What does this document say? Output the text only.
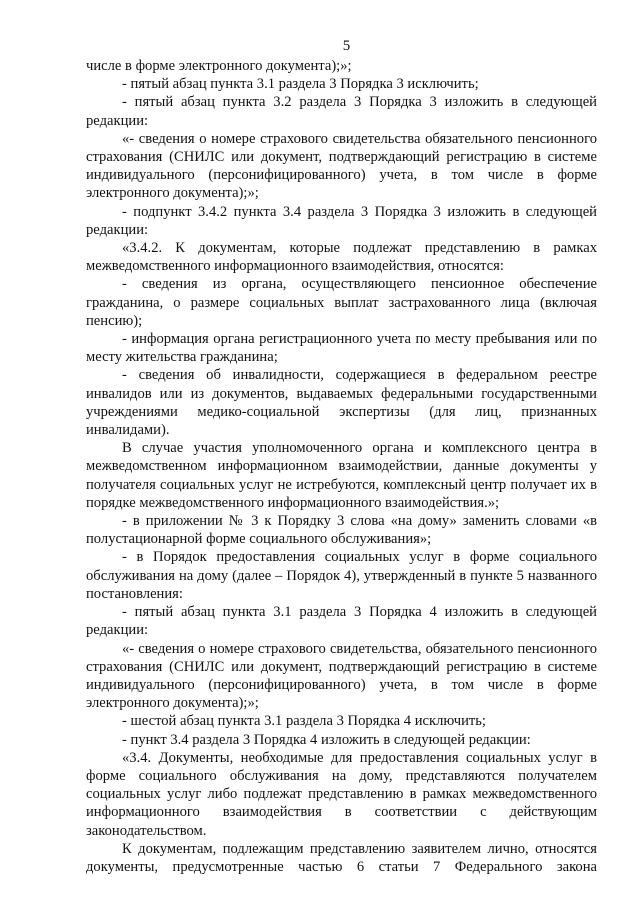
5

числе в форме электронного документа);»;

- пятый абзац пункта 3.1 раздела 3 Порядка 3 исключить;

- пятый абзац пункта 3.2 раздела 3 Порядка 3 изложить в следующей редакции:

«- сведения о номере страхового свидетельства обязательного пенсионного страхования (СНИЛС или документ, подтверждающий регистрацию в системе индивидуального (персонифицированного) учета, в том числе в форме электронного документа);»;

- подпункт 3.4.2 пункта 3.4 раздела 3 Порядка 3 изложить в следующей редакции:

«3.4.2. К документам, которые подлежат представлению в рамках межведомственного информационного взаимодействия, относятся:

- сведения из органа, осуществляющего пенсионное обеспечение гражданина, о размере социальных выплат застрахованного лица (включая пенсию);

- информация органа регистрационного учета по месту пребывания или по месту жительства гражданина;

- сведения об инвалидности, содержащиеся в федеральном реестре инвалидов или из документов, выдаваемых федеральными государственными учреждениями медико-социальной экспертизы (для лиц, признанных инвалидами).

В случае участия уполномоченного органа и комплексного центра в межведомственном информационном взаимодействии, данные документы у получателя социальных услуг не истребуются, комплексный центр получает их в порядке межведомственного информационного взаимодействия.»;

- в приложении № 3 к Порядку 3 слова «на дому» заменить словами «в полустационарной форме социального обслуживания»;

- в Порядок предоставления социальных услуг в форме социального обслуживания на дому (далее – Порядок 4), утвержденный в пункте 5 названного постановления:

- пятый абзац пункта 3.1 раздела 3 Порядка 4 изложить в следующей редакции:

«- сведения о номере страхового свидетельства, обязательного пенсионного страхования (СНИЛС или документ, подтверждающий регистрацию в системе индивидуального (персонифицированного) учета, в том числе в форме электронного документа);»;

- шестой абзац пункта 3.1 раздела 3 Порядка 4 исключить;

- пункт 3.4 раздела 3 Порядка 4 изложить в следующей редакции:

«3.4. Документы, необходимые для предоставления социальных услуг в форме социального обслуживания на дому, представляются получателем социальных услуг либо подлежат представлению в рамках межведомственного информационного взаимодействия в соответствии с действующим законодательством.

К документам, подлежащим представлению заявителем лично, относятся документы, предусмотренные частью 6 статьи 7 Федерального закона
